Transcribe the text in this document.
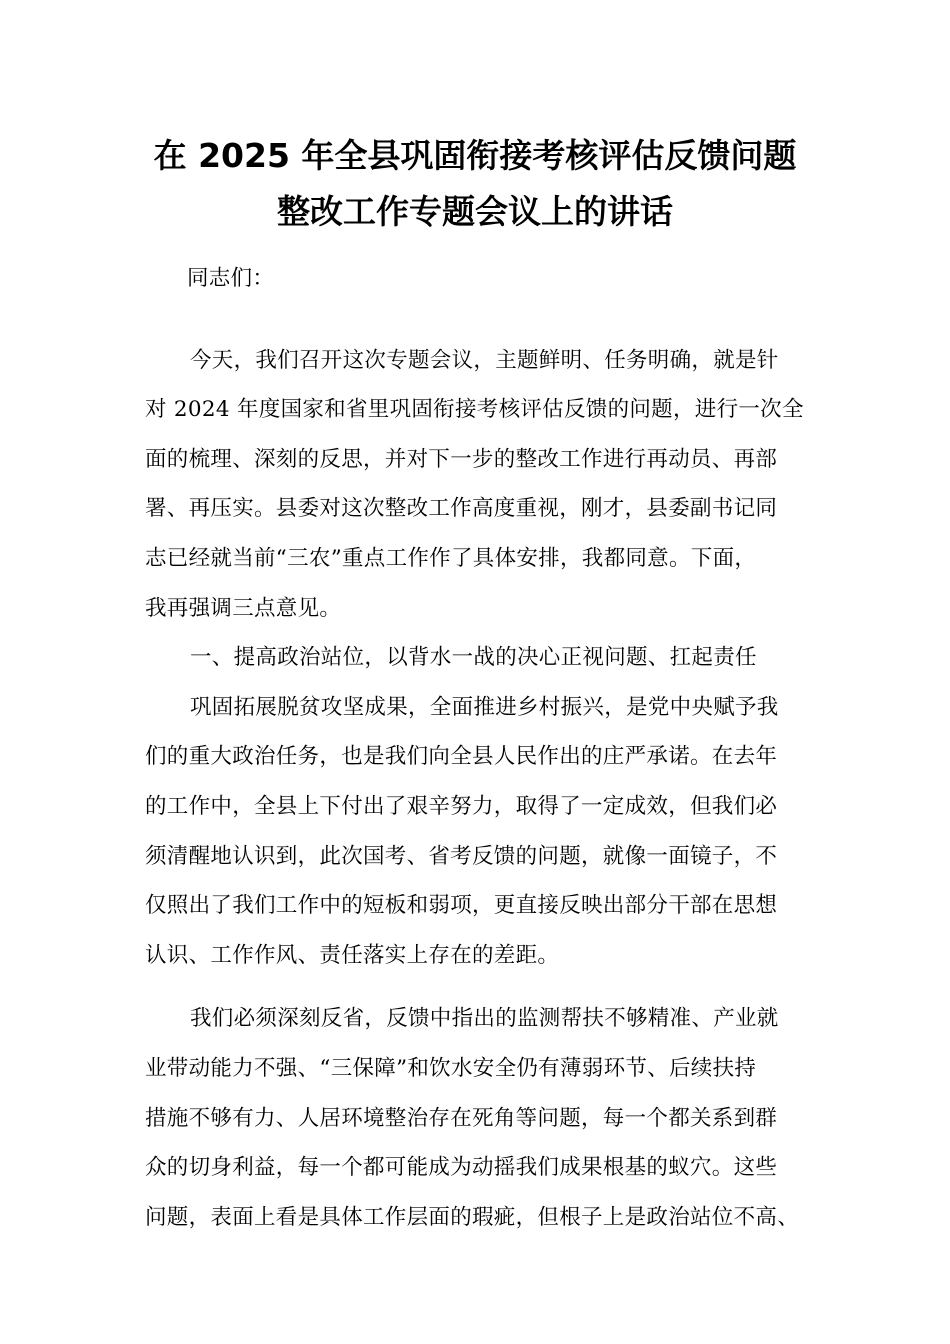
在 2025 年全县巩固衔接考核评估反馈问题
整改工作专题会议上的讲话
同志们：
今天，我们召开这次专题会议，主题鲜明、任务明确，就是针
对 2024 年度国家和省里巩固衔接考核评估反馈的问题，进行一次全
面的梳理、深刻的反思，并对下一步的整改工作进行再动员、再部
署、再压实。县委对这次整改工作高度重视，刚才，县委副书记同
志已经就当前“三农”重点工作作了具体安排，我都同意。下面，
我再强调三点意见。
一、提高政治站位，以背水一战的决心正视问题、扛起责任
巩固拓展脱贫攻坚成果，全面推进乡村振兴，是党中央赋予我
们的重大政治任务，也是我们向全县人民作出的庄严承诺。在去年
的工作中，全县上下付出了艰辛努力，取得了一定成效，但我们必
须清醒地认识到，此次国考、省考反馈的问题，就像一面镜子，不
仅照出了我们工作中的短板和弱项，更直接反映出部分干部在思想
认识、工作作风、责任落实上存在的差距。
我们必须深刻反省，反馈中指出的监测帮扶不够精准、产业就
业带动能力不强、“三保障”和饮水安全仍有薄弱环节、后续扶持
措施不够有力、人居环境整治存在死角等问题，每一个都关系到群
众的切身利益，每一个都可能成为动摇我们成果根基的蚁穴。这些
问题，表面上看是具体工作层面的瑕疵，但根子上是政治站位不高、
